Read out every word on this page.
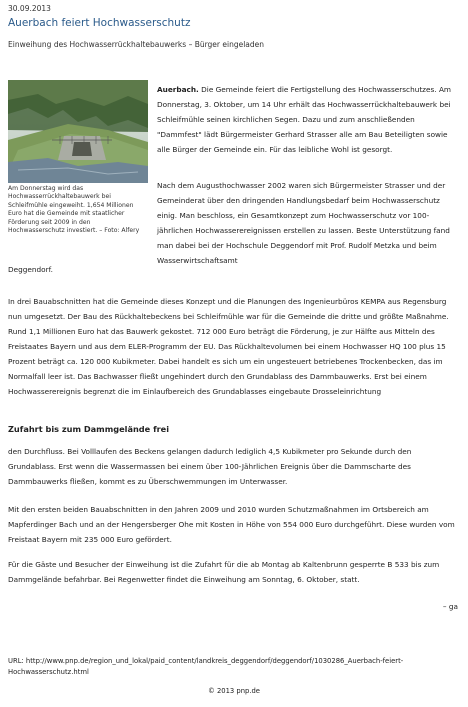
30.09.2013
Auerbach feiert Hochwasserschutz
Einweihung des Hochwasserrückhaltebauwerks – Bürger eingeladen
Am Donnerstag wird das Hochwasserrückhaltebauwerk bei Schleifmühle eingeweiht. 1,654 Millionen Euro hat die Gemeinde mit staatlicher Förderung seit 2009 in den Hochwasserschutz investiert. – Foto: Alfery

Auerbach. Die Gemeinde feiert die Fertigstellung des Hochwasserschutzes. Am Donnerstag, 3. Oktober, um 14 Uhr erhält das Hochwasserrückhaltebauwerk bei Schleifmühle seinen kirchlichen Segen. Dazu und zum anschließenden "Dammfest" lädt Bürgermeister Gerhard Strasser alle am Bau Beteiligten sowie alle Bürger der Gemeinde ein. Für das leibliche Wohl ist gesorgt.

Nach dem Augusthochwasser 2002 waren sich Bürgermeister Strasser und der Gemeinderat über den dringenden Handlungsbedarf beim Hochwasserschutz einig. Man beschloss, ein Gesamtkonzept zum Hochwasserschutz vor 100-jährlichen Hochwasserereignissen erstellen zu lassen. Beste Unterstützung fand man dabei bei der Hochschule Deggendorf mit Prof. Rudolf Metzka und beim Wasserwirtschaftsamt

Deggendorf.

In drei Bauabschnitten hat die Gemeinde dieses Konzept und die Planungen des Ingenieurbüros KEMPA aus Regensburg nun umgesetzt. Der Bau des Rückhaltebeckens bei Schleifmühle war für die Gemeinde die dritte und größte Maßnahme. Rund 1,1 Millionen Euro hat das Bauwerk gekostet. 712 000 Euro beträgt die Förderung, je zur Hälfte aus Mitteln des Freistaates Bayern und aus dem ELER-Programm der EU. Das Rückhaltevolumen bei einem Hochwasser HQ 100 plus 15 Prozent beträgt ca. 120 000 Kubikmeter. Dabei handelt es sich um ein ungesteuert betriebenes Trockenbecken, das im Normalfall leer ist. Das Bachwasser fließt ungehindert durch den Grundablass des Dammbauwerks. Erst bei einem Hochwasserereignis begrenzt die im Einlaufbereich des Grundablasses eingebaute Drosseleinrichtung

Zufahrt bis zum Dammgelände frei

den Durchfluss. Bei Volllaufen des Beckens gelangen dadurch lediglich 4,5 Kubikmeter pro Sekunde durch den Grundablass. Erst wenn die Wassermassen bei einem über 100-Jährlichen Ereignis über die Dammscharte des Dammbauwerks fließen, kommt es zu Überschwemmungen im Unterwasser.

Mit den ersten beiden Bauabschnitten in den Jahren 2009 und 2010 wurden Schutzmaßnahmen im Ortsbereich am Mapferdinger Bach und an der Hengersberger Ohe mit Kosten in Höhe von 554 000 Euro durchgeführt. Diese wurden vom Freistaat Bayern mit 235 000 Euro gefördert.

Für die Gäste und Besucher der Einweihung ist die Zufahrt für die ab Montag ab Kaltenbrunn gesperrte B 533 bis zum Dammgelände befahrbar. Bei Regenwetter findet die Einweihung am Sonntag, 6. Oktober, statt.

– ga
URL: http://www.pnp.de/region_und_lokal/paid_content/landkreis_deggendorf/deggendorf/1030286_Auerbach-feiert-Hochwasserschutz.html
© 2013 pnp.de
